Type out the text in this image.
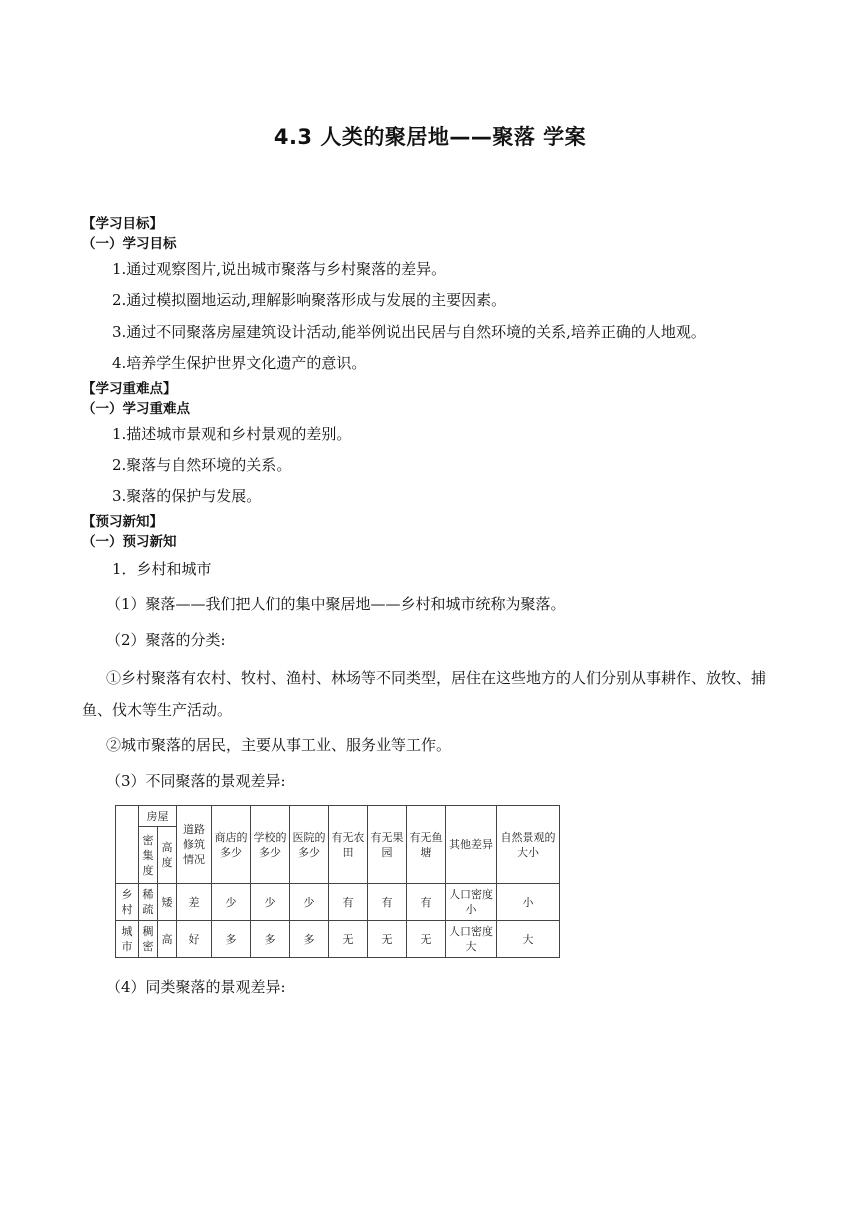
4.3 人类的聚居地——聚落 学案
【学习目标】
（一）学习目标
1.通过观察图片,说出城市聚落与乡村聚落的差异。
2.通过模拟圈地运动,理解影响聚落形成与发展的主要因素。
3.通过不同聚落房屋建筑设计活动,能举例说出民居与自然环境的关系,培养正确的人地观。
4.培养学生保护世界文化遗产的意识。
【学习重难点】
（一）学习重难点
1.描述城市景观和乡村景观的差别。
2.聚落与自然环境的关系。
3.聚落的保护与发展。
【预习新知】
（一）预习新知
1．乡村和城市
（1）聚落——我们把人们的集中聚居地——乡村和城市统称为聚落。
（2）聚落的分类:
①乡村聚落有农村、牧村、渔村、林场等不同类型，居住在这些地方的人们分别从事耕作、放牧、捕鱼、伐木等生产活动。
②城市聚落的居民，主要从事工业、服务业等工作。
（3）不同聚落的景观差异:
	房屋		道路修筑情况	商店的多少	学校的多少	医院的多少	有无农田	有无果园	有无鱼塘	其他差异	自然景观的大小
	密集度	高度									
乡村	稀疏	矮	差	少	少	少	有	有	有	人口密度小	小
城市	稠密	高	好	多	多	多	无	无	无	人口密度大	大
（4）同类聚落的景观差异:
